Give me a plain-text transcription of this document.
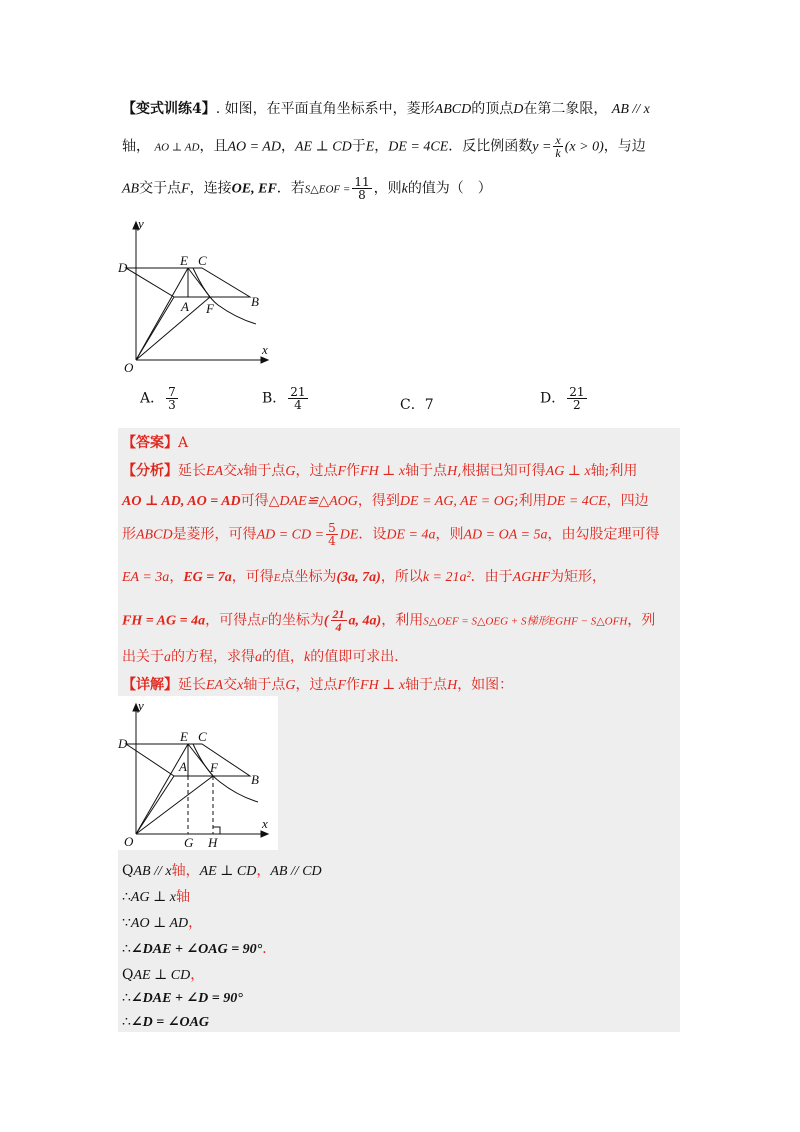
【变式训练4】. 如图，在平面直角坐标系中，菱形ABCD的顶点D在第二象限， AB // x
轴， AO ⊥ AD，且AO = AD，AE ⊥ CD于E，DE = 4CE．反比例函数$y = \frac{x}{k} (x > 0)$，与边
AB交于点F，连接OE, EF．若S△EOF = $\frac{11}{8}$ ，则k的值为（　）
y
x
O
D	E C
B
A F
A． $\frac{7}{3}$	B． $\frac{21}{4}$	C．7	D． $\frac{21}{2}$
【答案】A
【分析】延长EA交x轴于点G，过点F作FH ⊥ x轴于点H,根据已知可得AG ⊥ x轴;利用
AO ⊥ AD, AO = AD可得△DAE≌△AOG，得到DE = AG, AE = OG;利用DE = 4CE，四边
形ABCD是菱形，可得AD = CD = $\frac{5}{4}$ DE．设DE = 4a，则AD = OA = 5a，由勾股定理可得
EA = 3a，EG = 7a，可得E点坐标为(3a, 7a)，所以k = 21a²．由于AGHF为矩形，
FH = AG = 4a，可得点F的坐标为( $\frac{21}{4} a$, 4a)，利用S△OEF = S△OEG + S梯形EGHF − S△OFH，列
出关于a的方程，求得a的值，k的值即可求出．
【详解】延长EA交x轴于点G，过点F作FH ⊥ x轴于点H，如图：
y
x
O
D	E C
B
A F
G H
QAB // x轴，AE ⊥ CD，AB // CD
∴AG ⊥ x轴
∵AO ⊥ AD，
∴∠DAE + ∠OAG = 90°．
QAE ⊥ CD，
∴∠DAE + ∠D = 90°
∴∠D = ∠OAG
